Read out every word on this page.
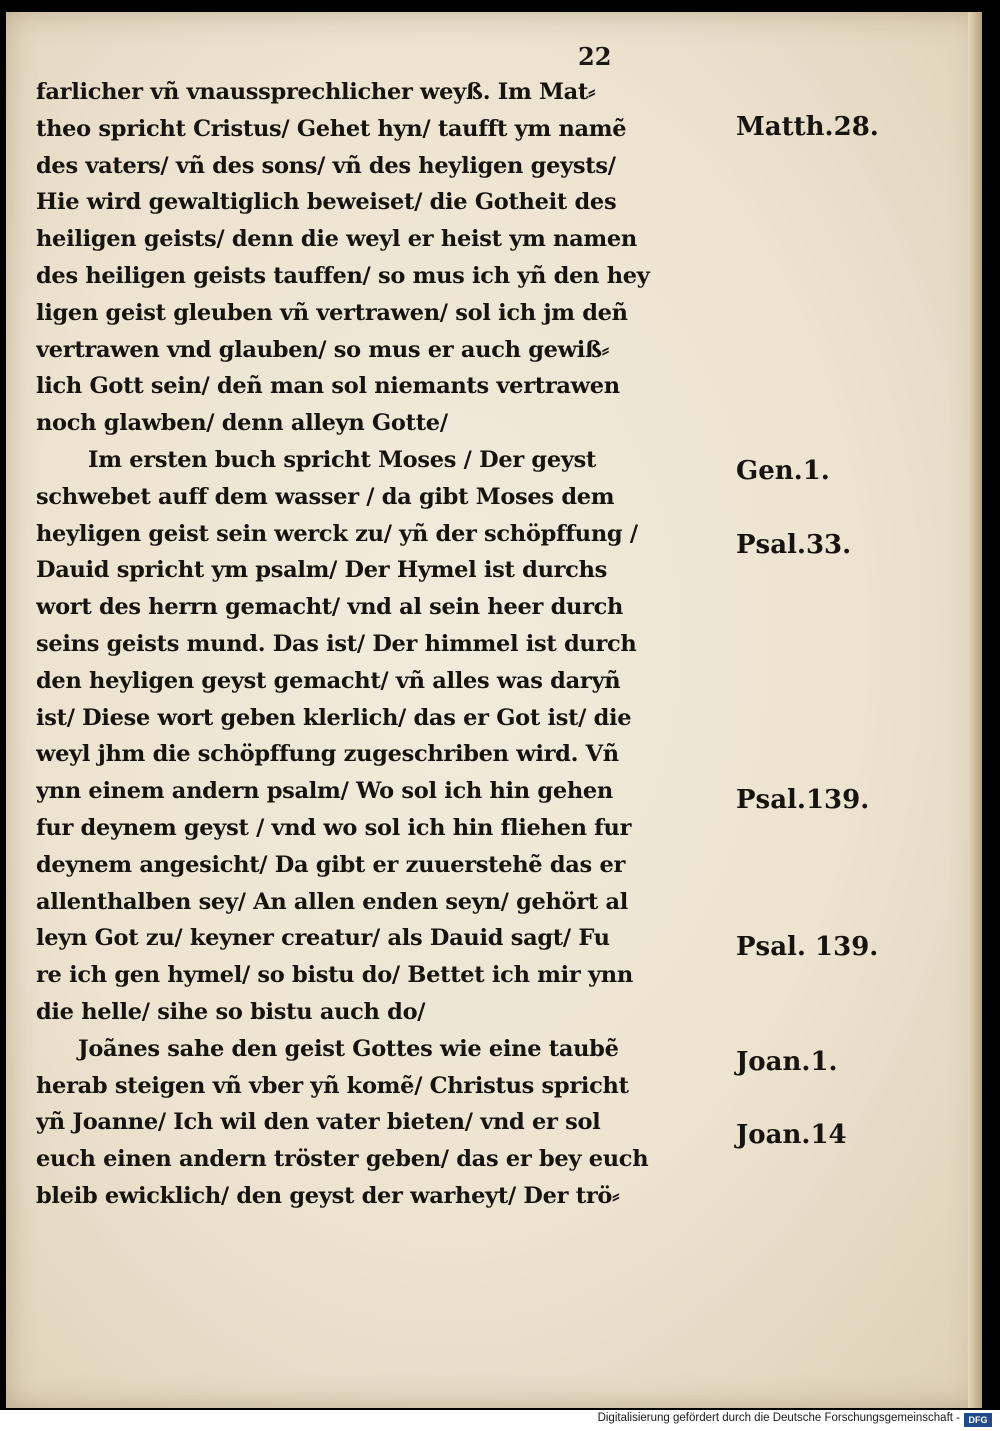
22

farlicher vñ vnaussprechlicher weyß. Im Mat⸗

theo spricht Cristus/ Gehet hyn/ taufft ym namẽ

des vaters/ vñ des sons/ vñ des heyligen geysts/

Hie wird gewaltiglich beweiset/ die Gotheit des

heiligen geists/ denn die weyl er heist ym namen

des heiligen geists tauffen/ so mus ich yñ den hey

ligen geist gleuben vñ vertrawen/ sol ich jm deñ

vertrawen vnd glauben/ so mus er auch gewiß⸗

lich Gott sein/ deñ man sol niemants vertrawen

noch glawben/ denn alleyn Gotte/

Im ersten buch spricht Moses / Der geyst

schwebet auff dem wasser / da gibt Moses dem

heyligen geist sein werck zu/ yñ der schöpffung /

Dauid spricht ym psalm/ Der Hymel ist durchs

wort des herrn gemacht/ vnd al sein heer durch

seins geists mund. Das ist/ Der himmel ist durch

den heyligen geyst gemacht/ vñ alles was daryñ

ist/ Diese wort geben klerlich/ das er Got ist/ die

weyl jhm die schöpffung zugeschriben wird. Vñ

ynn einem andern psalm/ Wo sol ich hin gehen

fur deynem geyst / vnd wo sol ich hin fliehen fur

deynem angesicht/ Da gibt er zuuerstehẽ das er

allenthalben sey/ An allen enden seyn/ gehört al

leyn Got zu/ keyner creatur/ als Dauid sagt/ Fu

re ich gen hymel/ so bistu do/ Bettet ich mir ynn

die helle/ sihe so bistu auch do/

Joãnes sahe den geist Gottes wie eine taubẽ

herab steigen vñ vber yñ komẽ/ Christus spricht

yñ Joanne/ Ich wil den vater bieten/ vnd er sol

euch einen andern tröster geben/ das er bey euch

bleib ewicklich/ den geyst der warheyt/ Der trö⸗

Matth.28.

Gen.1.

Psal.33.

Psal.139.

Psal. 139.

Joan.1.

Joan.14

Digitalisierung gefördert durch die Deutsche Forschungsgemeinschaft - DFG
